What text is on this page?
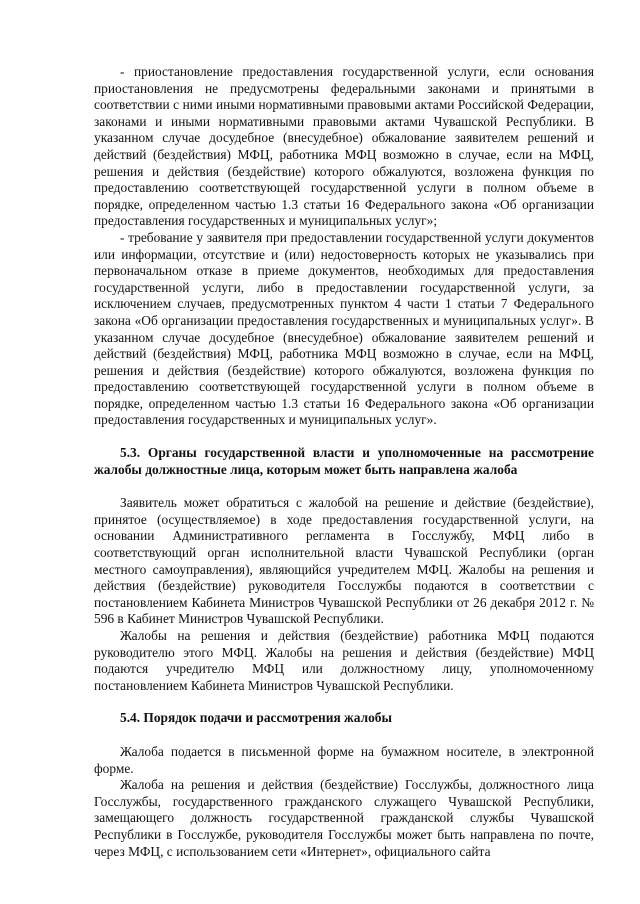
- приостановление предоставления государственной услуги, если основания приостановления не предусмотрены федеральными законами и принятыми в соответствии с ними иными нормативными правовыми актами Российской Федерации, законами и иными нормативными правовыми актами Чувашской Республики. В указанном случае досудебное (внесудебное) обжалование заявителем решений и действий (бездействия) МФЦ, работника МФЦ возможно в случае, если на МФЦ, решения и действия (бездействие) которого обжалуются, возложена функция по предоставлению соответствующей государственной услуги в полном объеме в порядке, определенном частью 1.3 статьи 16 Федерального закона «Об организации предоставления государственных и муниципальных услуг»;

- требование у заявителя при предоставлении государственной услуги документов или информации, отсутствие и (или) недостоверность которых не указывались при первоначальном отказе в приеме документов, необходимых для предоставления государственной услуги, либо в предоставлении государственной услуги, за исключением случаев, предусмотренных пунктом 4 части 1 статьи 7 Федерального закона «Об организации предоставления государственных и муниципальных услуг». В указанном случае досудебное (внесудебное) обжалование заявителем решений и действий (бездействия) МФЦ, работника МФЦ возможно в случае, если на МФЦ, решения и действия (бездействие) которого обжалуются, возложена функция по предоставлению соответствующей государственной услуги в полном объеме в порядке, определенном частью 1.3 статьи 16 Федерального закона «Об организации предоставления государственных и муниципальных услуг».

5.3. Органы государственной власти и уполномоченные на рассмотрение жалобы должностные лица, которым может быть направлена жалоба

Заявитель может обратиться с жалобой на решение и действие (бездействие), принятое (осуществляемое) в ходе предоставления государственной услуги, на основании Административного регламента в Госслужбу, МФЦ либо в соответствующий орган исполнительной власти Чувашской Республики (орган местного самоуправления), являющийся учредителем МФЦ. Жалобы на решения и действия (бездействие) руководителя Госслужбы подаются в соответствии с постановлением Кабинета Министров Чувашской Республики от 26 декабря 2012 г. № 596 в Кабинет Министров Чувашской Республики.

Жалобы на решения и действия (бездействие) работника МФЦ подаются руководителю этого МФЦ. Жалобы на решения и действия (бездействие) МФЦ подаются учредителю МФЦ или должностному лицу, уполномоченному постановлением Кабинета Министров Чувашской Республики.

5.4. Порядок подачи и рассмотрения жалобы

Жалоба подается в письменной форме на бумажном носителе, в электронной форме.

Жалоба на решения и действия (бездействие) Госслужбы, должностного лица Госслужбы, государственного гражданского служащего Чувашской Республики, замещающего должность государственной гражданской службы Чувашской Республики в Госслужбе, руководителя Госслужбы может быть направлена по почте, через МФЦ, с использованием сети «Интернет», официального сайта
